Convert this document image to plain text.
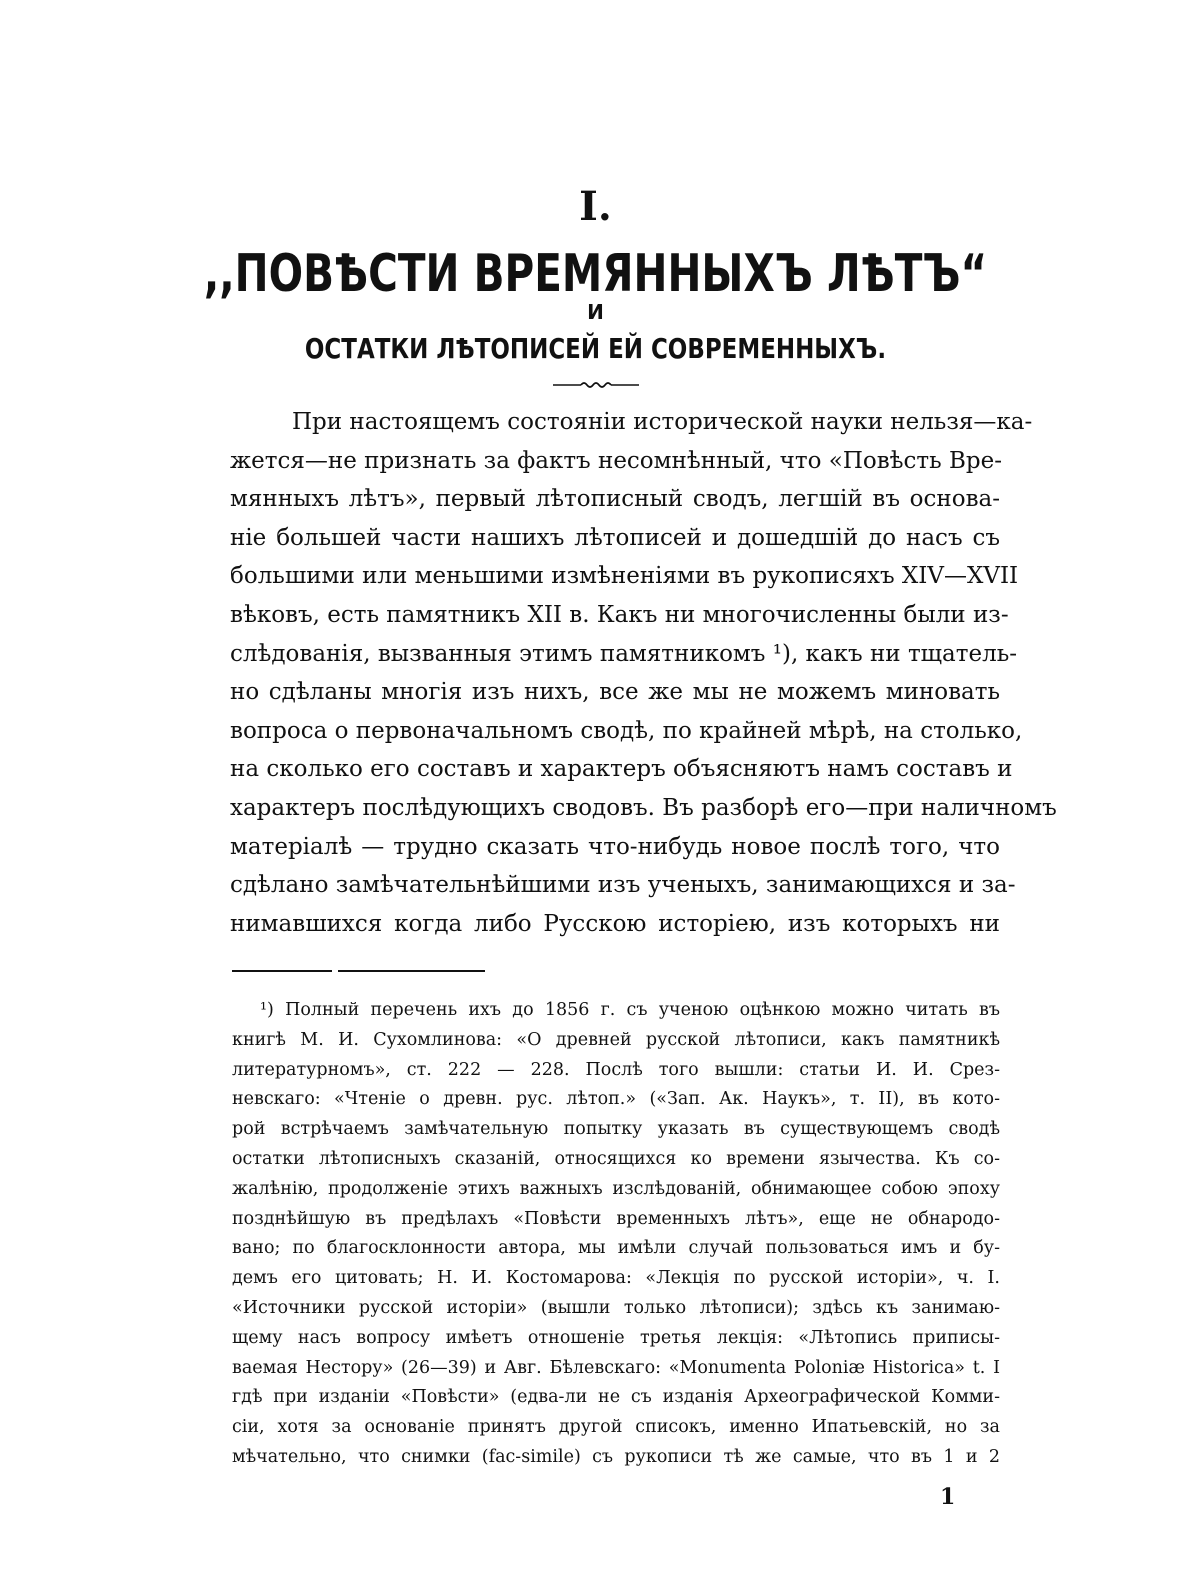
I.
,,ПОВѢСТИ ВРЕМЯННЫХЪ ЛѢТЪ“
И
ОСТАТКИ ЛѢТОПИСЕЙ ЕЙ СОВРЕМЕННЫХЪ.
При настоящемъ состояніи исторической науки нельзя—ка-
жется—не признать за фактъ несомнѣнный, что «Повѣсть Вре-
мянныхъ лѣтъ», первый лѣтописный сводъ, легшій въ основа-
ніе большей части нашихъ лѣтописей и дошедшій до насъ съ
большими или меньшими измѣненіями въ рукописяхъ XIV—XVII
вѣковъ, есть памятникъ XII в. Какъ ни многочисленны были из-
слѣдованія, вызванныя этимъ памятникомъ ¹), какъ ни тщатель-
но сдѣланы многія изъ нихъ, все же мы не можемъ миновать
вопроса о первоначальномъ сводѣ, по крайней мѣрѣ, на столько,
на сколько его составъ и характеръ объясняютъ намъ составъ и
характеръ послѣдующихъ сводовъ. Въ разборѣ его—при наличномъ
матеріалѣ — трудно сказать что-нибудь новое послѣ того, что
сдѣлано замѣчательнѣйшими изъ ученыхъ, занимающихся и за-
нимавшихся когда либо Русскою исторіею, изъ которыхъ ни
¹) Полный перечень ихъ до 1856 г. съ ученою оцѣнкою можно читать въ
книгѣ М. И. Сухомлинова: «О древней русской лѣтописи, какъ памятникѣ
литературномъ», ст. 222 — 228. Послѣ того вышли: статьи И. И. Срез-
невскаго: «Чтеніе о древн. рус. лѣтоп.» («Зап. Ак. Наукъ», т. II), въ кото-
рой встрѣчаемъ замѣчательную попытку указать въ существующемъ сводѣ
остатки лѣтописныхъ сказаній, относящихся ко времени язычества. Къ со-
жалѣнію, продолженіе этихъ важныхъ изслѣдованій, обнимающее собою эпоху
позднѣйшую въ предѣлахъ «Повѣсти временныхъ лѣтъ», еще не обнародо-
вано; по благосклонности автора, мы имѣли случай пользоваться имъ и бу-
демъ его цитовать; Н. И. Костомарова: «Лекція по русской исторіи», ч. I.
«Источники русской исторіи» (вышли только лѣтописи); здѣсь къ занимаю-
щему насъ вопросу имѣетъ отношеніе третья лекція: «Лѣтопись приписы-
ваемая Нестору» (26—39) и Авг. Бѣлевскаго: «Monumenta Poloniæ Historica» t. I
гдѣ при изданіи «Повѣсти» (едва-ли не съ изданія Археографической Комми-
сіи, хотя за основаніе принятъ другой списокъ, именно Ипатьевскій, но за
мѣчательно, что снимки (fac-simile) съ рукописи тѣ же самые, что въ 1 и 2
1
